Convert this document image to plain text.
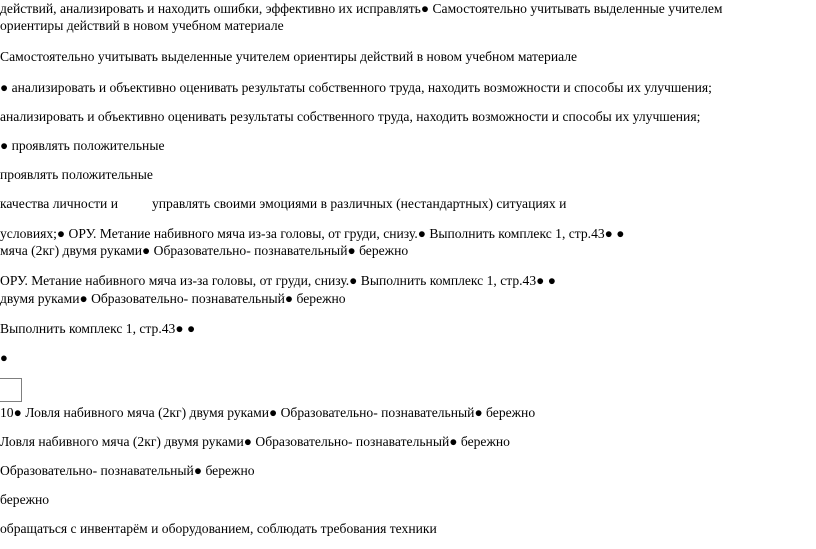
действий, анализировать и находить ошибки, эффективно их исправлять● Самостоятельно учитывать выделенные учителем
ориентиры действий в новом учебном материале
Самостоятельно учитывать выделенные учителем ориентиры действий в новом учебном материале
● анализировать и объективно оценивать результаты собственного труда, находить возможности и способы их улучшения;
анализировать и объективно оценивать результаты собственного труда, находить возможности и способы их улучшения;
● проявлять положительные
проявлять положительные
качества личности и	управлять своими эмоциями в различных (нестандартных) ситуациях и
условиях;● ОРУ. Метание набивного мяча из-за головы, от груди, снизу.● Выполнить комплекс 1, стр.43● ●
мяча (2кг) двумя руками● Образовательно- познавательный● бережно
ОРУ. Метание набивного мяча из-за головы, от груди, снизу.● Выполнить комплекс 1, стр.43● ●
двумя руками● Образовательно- познавательный● бережно
Выполнить комплекс 1, стр.43● ●
●
10● Ловля набивного мяча (2кг) двумя руками● Образовательно- познавательный● бережно
Ловля набивного мяча (2кг) двумя руками● Образовательно- познавательный● бережно
Образовательно- познавательный● бережно
бережно
обращаться с инвентарём и оборудованием, соблюдать требования техники
